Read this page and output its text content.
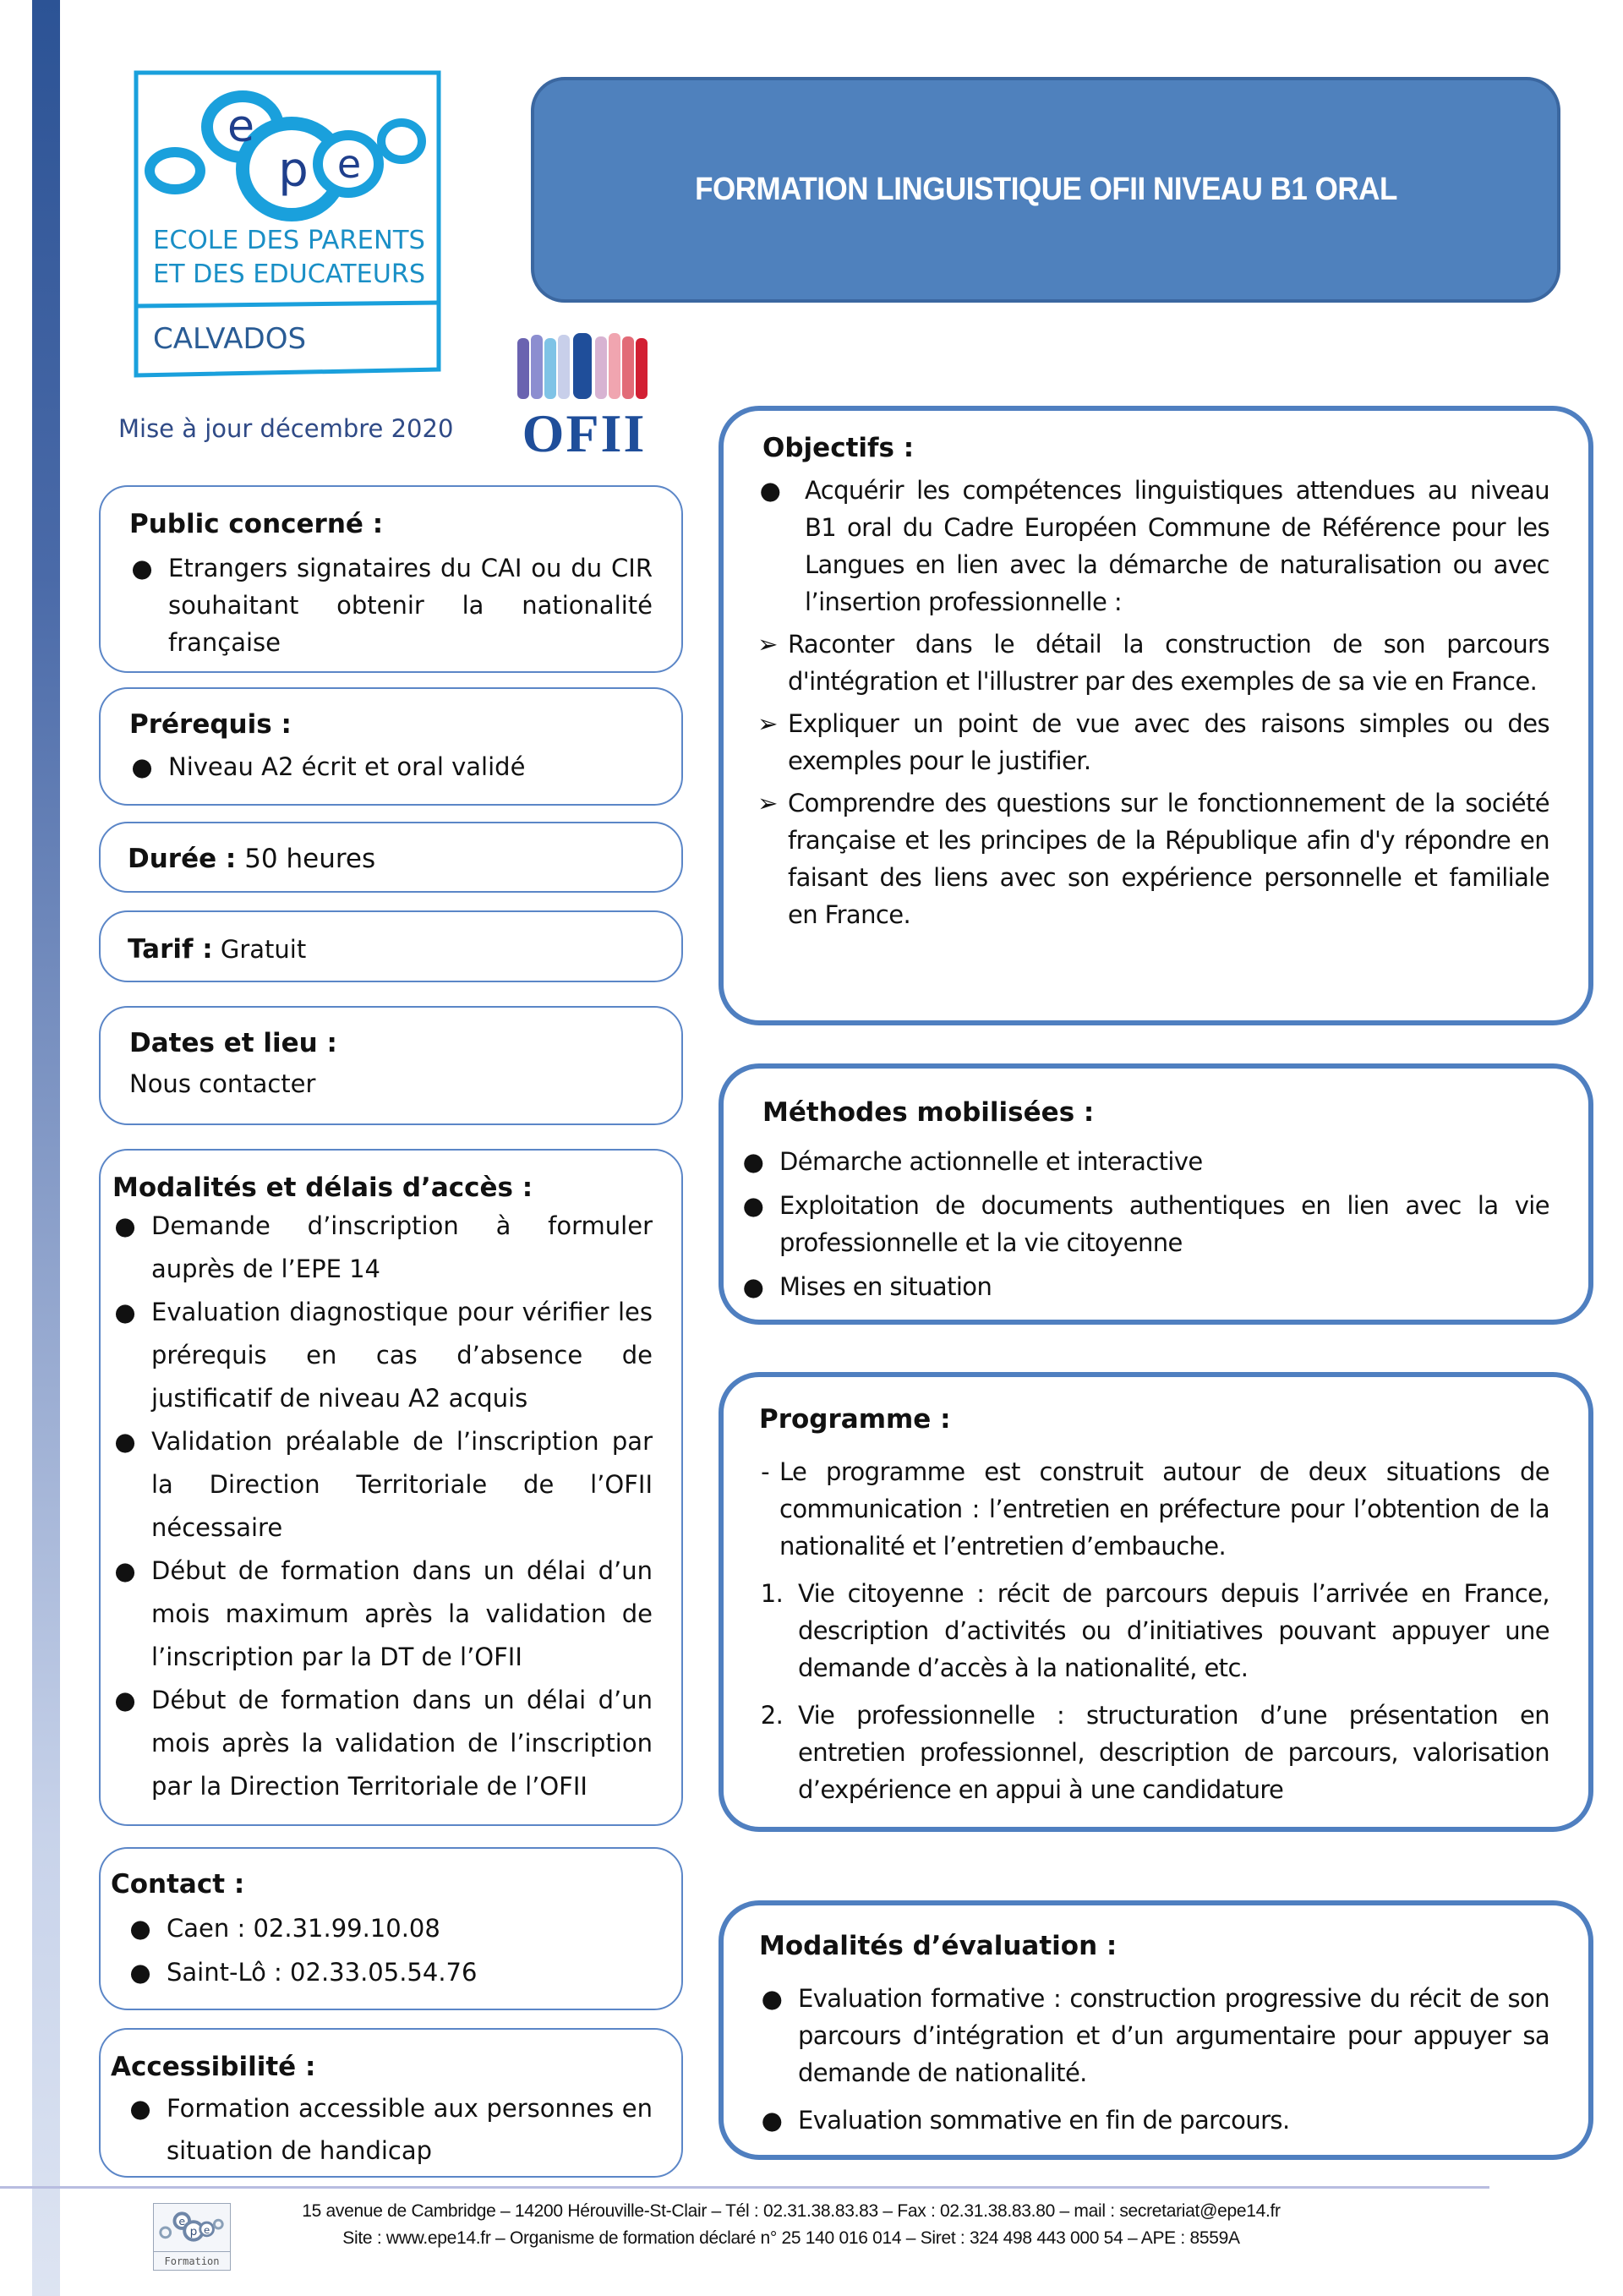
e
p e
ECOLE DES PARENTS
ET DES EDUCATEURS
CALVADOS
FORMATION LINGUISTIQUE OFII NIVEAU B1 ORAL
OFII
Mise à jour décembre 2020
Public concerné :
● Etrangers signataires du CAI ou du CIR souhaitant obtenir la nationalité française
Prérequis :
● Niveau A2 écrit et oral validé
Durée : 50 heures
Tarif : Gratuit
Dates et lieu :
Nous contacter
Modalités et délais d’accès :
● Demande d’inscription à formuler auprès de l’EPE 14
● Evaluation diagnostique pour vérifier les prérequis en cas d’absence de justificatif de niveau A2 acquis
● Validation préalable de l’inscription par la Direction Territoriale de l’OFII nécessaire
● Début de formation dans un délai d’un mois maximum après la validation de l’inscription par la DT de l’OFII
● Début de formation dans un délai d’un mois après la validation de l’inscription par la Direction Territoriale de l’OFII
Contact :
● Caen : 02.31.99.10.08
● Saint-Lô : 02.33.05.54.76
Accessibilité :
● Formation accessible aux personnes en situation de handicap
Objectifs :
● Acquérir les compétences linguistiques attendues au niveau B1 oral du Cadre Européen Commune de Référence pour les Langues en lien avec la démarche de naturalisation ou avec l’insertion professionnelle :
➢ Raconter dans le détail la construction de son parcours d'intégration et l'illustrer par des exemples de sa vie en France.
➢ Expliquer un point de vue avec des raisons simples ou des exemples pour le justifier.
➢ Comprendre des questions sur le fonctionnement de la société française et les principes de la République afin d'y répondre en faisant des liens avec son expérience personnelle et familiale en France.
Méthodes mobilisées :
● Démarche actionnelle et interactive
● Exploitation de documents authentiques en lien avec la vie professionnelle et la vie citoyenne
● Mises en situation
Programme :
- Le programme est construit autour de deux situations de communication : l’entretien en préfecture pour l’obtention de la nationalité et l’entretien d’embauche.
1. Vie citoyenne : récit de parcours depuis l’arrivée en France, description d’activités ou d’initiatives pouvant appuyer une demande d’accès à la nationalité, etc.
2. Vie professionnelle : structuration d’une présentation en entretien professionnel, description de parcours, valorisation d’expérience en appui à une candidature
Modalités d’évaluation :
● Evaluation formative : construction progressive du récit de son parcours d’intégration et d’un argumentaire pour appuyer sa demande de nationalité.
● Evaluation sommative en fin de parcours.
e
p e
Formation
15 avenue de Cambridge – 14200 Hérouville-St-Clair – Tél : 02.31.38.83.83 – Fax : 02.31.38.83.80 – mail : secretariat@epe14.fr
Site : www.epe14.fr – Organisme de formation déclaré n° 25 140 016 014 – Siret : 324 498 443 000 54 – APE : 8559A
